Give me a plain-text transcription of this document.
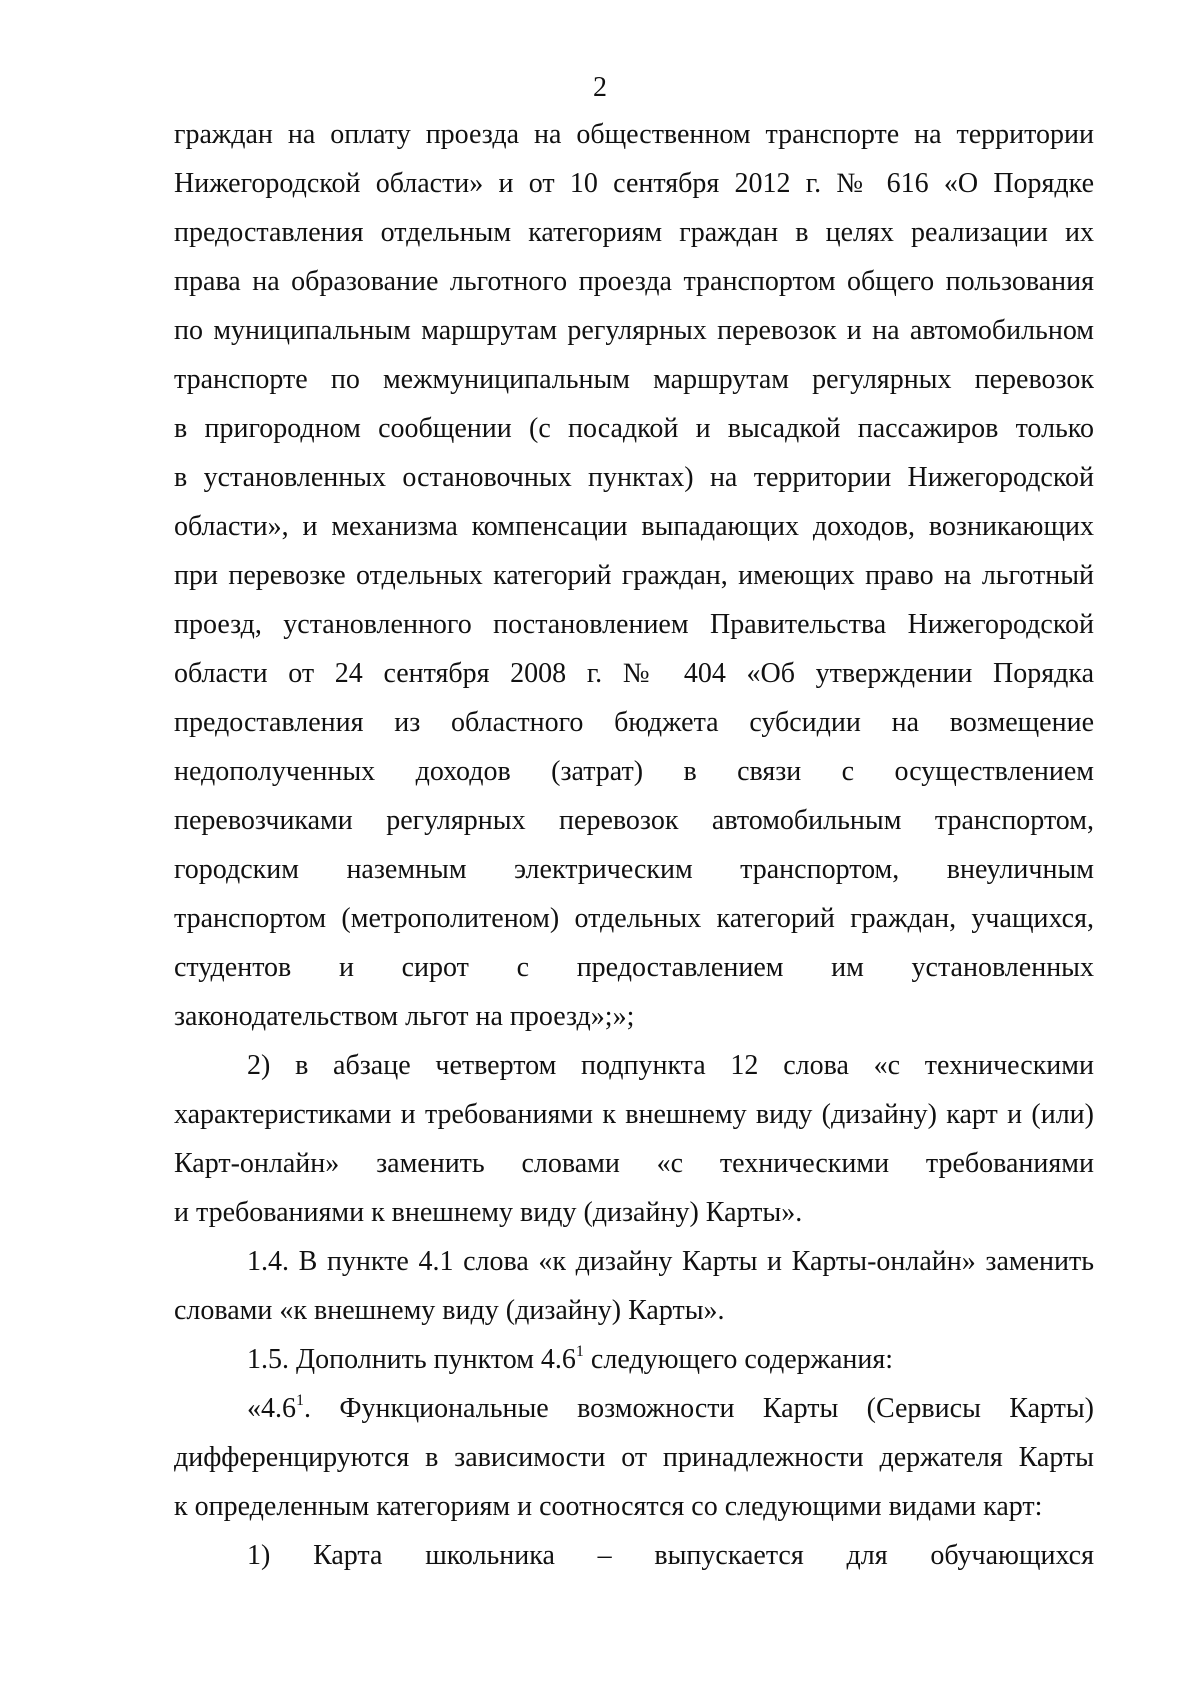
2
граждан на оплату проезда на общественном транспорте на территории
Нижегородской области» и от 10 сентября 2012 г. № 616 «О Порядке
предоставления отдельным категориям граждан в целях реализации их
права на образование льготного проезда транспортом общего пользования
по муниципальным маршрутам регулярных перевозок и на автомобильном
транспорте по межмуниципальным маршрутам регулярных перевозок
в пригородном сообщении (с посадкой и высадкой пассажиров только
в установленных остановочных пунктах) на территории Нижегородской
области», и механизма компенсации выпадающих доходов, возникающих
при перевозке отдельных категорий граждан, имеющих право на льготный
проезд, установленного постановлением Правительства Нижегородской
области от 24 сентября 2008 г. № 404 «Об утверждении Порядка
предоставления из областного бюджета субсидии на возмещение
недополученных доходов (затрат) в связи с осуществлением
перевозчиками регулярных перевозок автомобильным транспортом,
городским наземным электрическим транспортом, внеуличным
транспортом (метрополитеном) отдельных категорий граждан, учащихся,
студентов и сирот с предоставлением им установленных
законодательством льгот на проезд»;»;
2) в абзаце четвертом подпункта 12 слова «с техническими
характеристиками и требованиями к внешнему виду (дизайну) карт и (или)
Карт-онлайн» заменить словами «с техническими требованиями
и требованиями к внешнему виду (дизайну) Карты».
1.4. В пункте 4.1 слова «к дизайну Карты и Карты-онлайн» заменить
словами «к внешнему виду (дизайну) Карты».
1.5. Дополнить пунктом $4.6^1$ следующего содержания:
«$4.6^1$. Функциональные возможности Карты (Сервисы Карты)
дифференцируются в зависимости от принадлежности держателя Карты
к определенным категориям и соотносятся со следующими видами карт:
1) Карта школьника – выпускается для обучающихся
